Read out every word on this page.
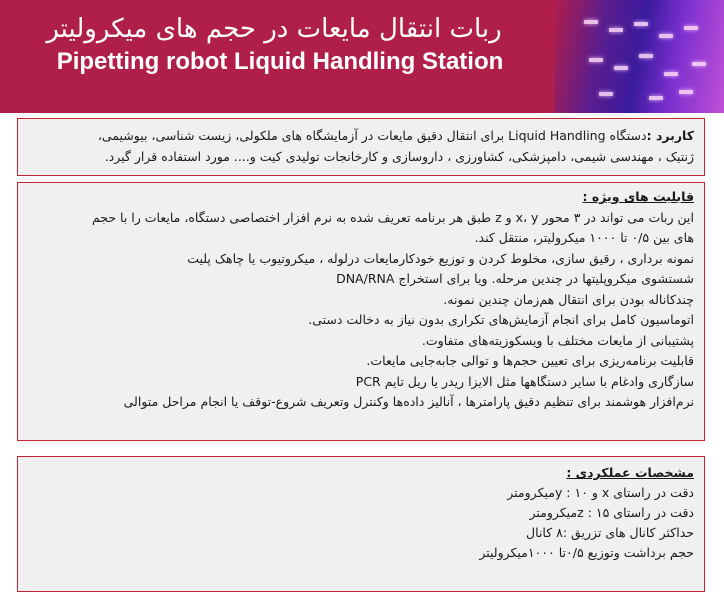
ربات انتقال مایعات در حجم های میکرولیتر
Pipetting robot Liquid Handling Station
کاربرد :دستگاه Liquid Handling برای انتقال دقیق مایعات در آزمایشگاه های ملکولی، زیست شناسی، بیوشیمی،
ژنتیک ، مهندسی شیمی، دامپزشکی، کشاورزی ، داروسازی و کارخانجات تولیدی کیت و.... مورد استفاده قرار گیرد.
قابلیت های ویژه :
این ربات می تواند در ۳ محور x، y و z طبق هر برنامه تعریف شده به نرم افزار اختصاصی دستگاه، مایعات را با حجم
های بین ۰/۵ تا ۱۰۰۰ میکرولیتر، منتقل کند.
نمونه برداری ، رقیق سازی، مخلوط کردن و توزیع خودکارمایعات درلوله ، میکروتیوب یا چاهک پلیت
شستشوی میکروپلیتها در چندین مرحله. ویا برای استخراج DNA/RNA
چندکاناله بودن برای انتقال هم‌زمان چندین نمونه.
اتوماسیون کامل برای انجام آزمایش‌های تکراری بدون نیاز به دخالت دستی.
پشتیبانی از مایعات مختلف با ویسکوزیته‌های متفاوت.
قابلیت برنامه‌ریزی برای تعیین حجم‌ها و توالی جابه‌جایی مایعات.
سازگاری وادغام با سایر دستگاهها مثل الایزا ریدر یا ریل تایم PCR
نرم‌افزار هوشمند برای تنظیم دقیق پارامترها ، آنالیز داده‌ها وکنترل وتعریف شروع-توقف یا انجام مراحل متوالی
مشخصات عملکردی :
دقت در راستای x و y : ۱۰میکرومتر
دقت در راستای z : ۱۵میکرومتر
حداکثر کانال های تزریق :۸ کانال
حجم برداشت وتوزیع ۰/۵تا ۱۰۰۰میکرولیتر
